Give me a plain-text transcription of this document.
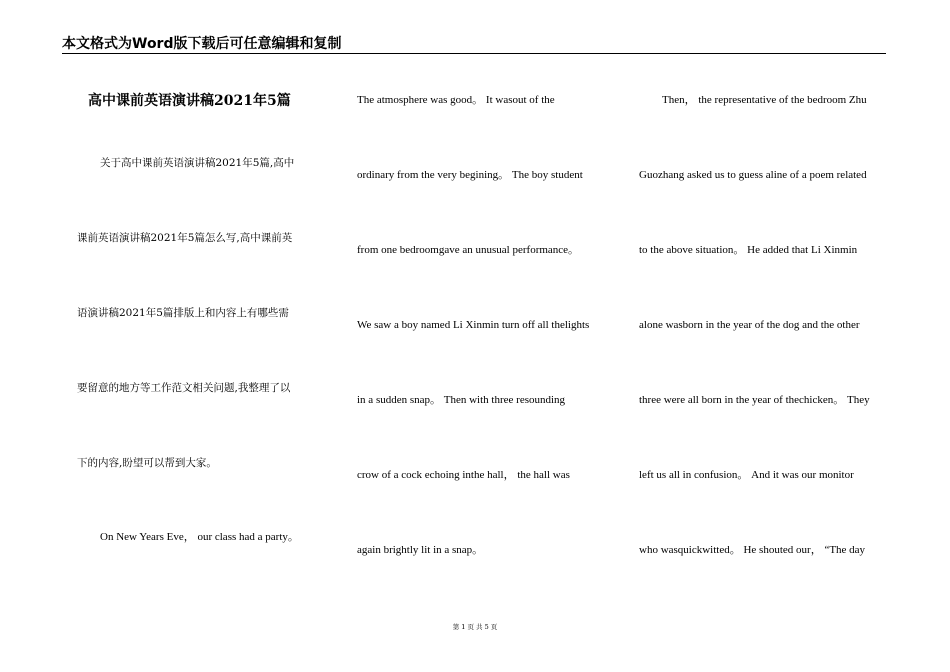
本文格式为Word版下载后可任意编辑和复制
高中课前英语演讲稿2021年5篇
关于高中课前英语演讲稿2021年5篇,高中
课前英语演讲稿2021年5篇怎么写,高中课前英
语演讲稿2021年5篇排版上和内容上有哪些需
要留意的地方等工作范文相关问题,我整理了以
下的内容,盼望可以帮到大家。
On New Years Eve， our class had a party。
The atmosphere was good。 It wasout of the
ordinary from the very begining。 The boy student
from one bedroomgave an unusual performance。
We saw a boy named Li Xinmin turn off all thelights
in a sudden snap。 Then with three resounding
crow of a cock echoing inthe hall， the hall was
again brightly lit in a snap。
Then， the representative of the bedroom Zhu
Guozhang asked us to guess aline of a poem related
to the above situation。 He added that Li Xinmin
alone wasborn in the year of the dog and the other
three were all born in the year of thechicken。 They
left us all in confusion。 And it was our monitor
who wasquickwitted。 He shouted our， “The day
第 1 页 共 5 页
